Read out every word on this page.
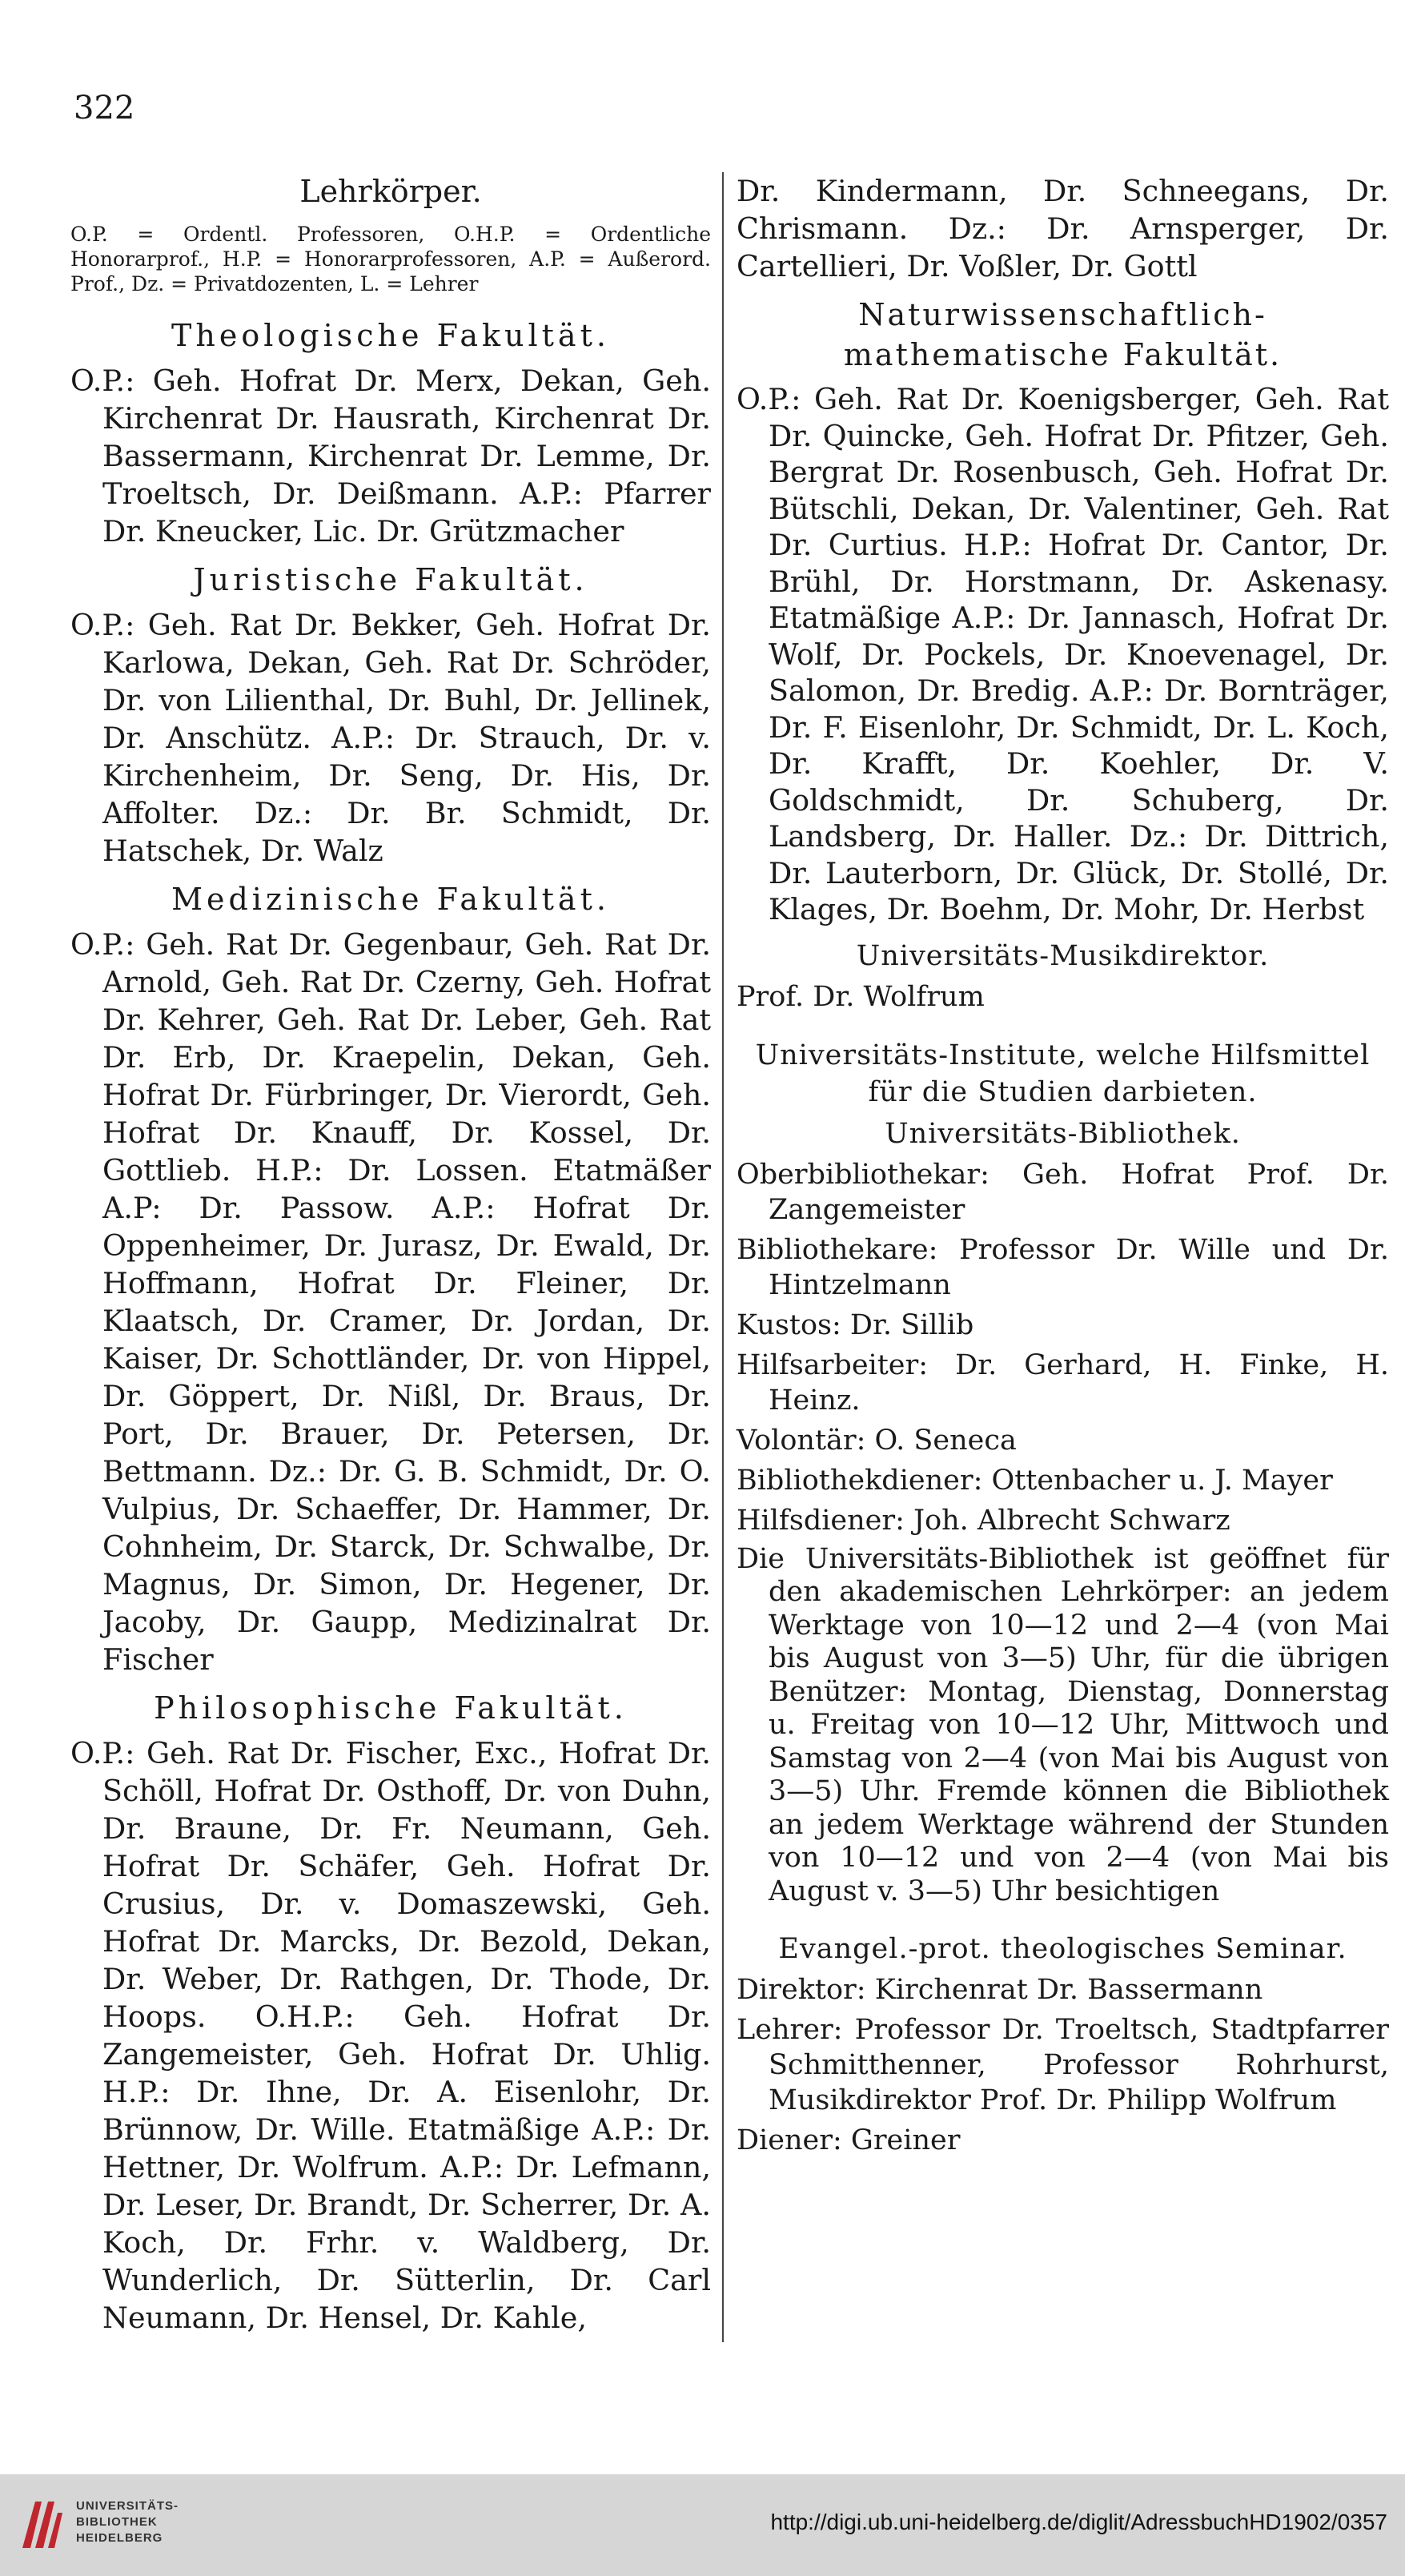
322
Lehrkörper.
O.P. = Ordentl. Professoren, O.H.P. = Ordentliche Honorarprof., H.P. = Honorarprofessoren, A.P. = Außerord. Prof., Dz. = Privatdozenten, L. = Lehrer
Theologische Fakultät.

O.P.: Geh. Hofrat Dr. Merx, Dekan, Geh. Kirchenrat Dr. Hausrath, Kirchenrat Dr. Bassermann, Kirchenrat Dr. Lemme, Dr. Troeltsch, Dr. Deißmann. A.P.: Pfarrer Dr. Kneucker, Lic. Dr. Grützmacher

Juristische Fakultät.

O.P.: Geh. Rat Dr. Bekker, Geh. Hofrat Dr. Karlowa, Dekan, Geh. Rat Dr. Schröder, Dr. von Lilienthal, Dr. Buhl, Dr. Jellinek, Dr. Anschütz. A.P.: Dr. Strauch, Dr. v. Kirchenheim, Dr. Seng, Dr. His, Dr. Affolter. Dz.: Dr. Br. Schmidt, Dr. Hatschek, Dr. Walz

Medizinische Fakultät.

O.P.: Geh. Rat Dr. Gegenbaur, Geh. Rat Dr. Arnold, Geh. Rat Dr. Czerny, Geh. Hofrat Dr. Kehrer, Geh. Rat Dr. Leber, Geh. Rat Dr. Erb, Dr. Kraepelin, Dekan, Geh. Hofrat Dr. Fürbringer, Dr. Vierordt, Geh. Hofrat Dr. Knauff, Dr. Kossel, Dr. Gottlieb. H.P.: Dr. Lossen. Etatmäßer A.P: Dr. Passow. A.P.: Hofrat Dr. Oppenheimer, Dr. Jurasz, Dr. Ewald, Dr. Hoffmann, Hofrat Dr. Fleiner, Dr. Klaatsch, Dr. Cramer, Dr. Jordan, Dr. Kaiser, Dr. Schottländer, Dr. von Hippel, Dr. Göppert, Dr. Nißl, Dr. Braus, Dr. Port, Dr. Brauer, Dr. Petersen, Dr. Bettmann. Dz.: Dr. G. B. Schmidt, Dr. O. Vulpius, Dr. Schaeffer, Dr. Hammer, Dr. Cohnheim, Dr. Starck, Dr. Schwalbe, Dr. Magnus, Dr. Simon, Dr. Hegener, Dr. Jacoby, Dr. Gaupp, Medizinalrat Dr. Fischer

Philosophische Fakultät.

O.P.: Geh. Rat Dr. Fischer, Exc., Hofrat Dr. Schöll, Hofrat Dr. Osthoff, Dr. von Duhn, Dr. Braune, Dr. Fr. Neumann, Geh. Hofrat Dr. Schäfer, Geh. Hofrat Dr. Crusius, Dr. v. Domaszewski, Geh. Hofrat Dr. Marcks, Dr. Bezold, Dekan, Dr. Weber, Dr. Rathgen, Dr. Thode, Dr. Hoops. O.H.P.: Geh. Hofrat Dr. Zangemeister, Geh. Hofrat Dr. Uhlig. H.P.: Dr. Ihne, Dr. A. Eisenlohr, Dr. Brünnow, Dr. Wille. Etatmäßige A.P.: Dr. Hettner, Dr. Wolfrum. A.P.: Dr. Lefmann, Dr. Leser, Dr. Brandt, Dr. Scherrer, Dr. A. Koch, Dr. Frhr. v. Waldberg, Dr. Wunderlich, Dr. Sütterlin, Dr. Carl Neumann, Dr. Hensel, Dr. Kahle,

Dr. Kindermann, Dr. Schneegans, Dr. Chrismann. Dz.: Dr. Arnsperger, Dr. Cartellieri, Dr. Voßler, Dr. Gottl

Naturwissenschaftlich-mathematische Fakultät.

O.P.: Geh. Rat Dr. Koenigsberger, Geh. Rat Dr. Quincke, Geh. Hofrat Dr. Pfitzer, Geh. Bergrat Dr. Rosenbusch, Geh. Hofrat Dr. Bütschli, Dekan, Dr. Valentiner, Geh. Rat Dr. Curtius. H.P.: Hofrat Dr. Cantor, Dr. Brühl, Dr. Horstmann, Dr. Askenasy. Etatmäßige A.P.: Dr. Jannasch, Hofrat Dr. Wolf, Dr. Pockels, Dr. Knoevenagel, Dr. Salomon, Dr. Bredig. A.P.: Dr. Bornträger, Dr. F. Eisenlohr, Dr. Schmidt, Dr. L. Koch, Dr. Krafft, Dr. Koehler, Dr. V. Goldschmidt, Dr. Schuberg, Dr. Landsberg, Dr. Haller. Dz.: Dr. Dittrich, Dr. Lauterborn, Dr. Glück, Dr. Stollé, Dr. Klages, Dr. Boehm, Dr. Mohr, Dr. Herbst

Universitäts-Musikdirektor.
Prof. Dr. Wolfrum
Universitäts-Institute, welche Hilfsmittel für die Studien darbieten.
Universitäts-Bibliothek.
Oberbibliothekar: Geh. Hofrat Prof. Dr. Zangemeister
Bibliothekare: Professor Dr. Wille und Dr. Hintzelmann
Kustos: Dr. Sillib
Hilfsarbeiter: Dr. Gerhard, H. Finke, H. Heinz.
Volontär: O. Seneca
Bibliothekdiener: Ottenbacher u. J. Mayer
Hilfsdiener: Joh. Albrecht Schwarz
Die Universitäts-Bibliothek ist geöffnet für den akademischen Lehrkörper: an jedem Werktage von 10—12 und 2—4 (von Mai bis August von 3—5) Uhr, für die übrigen Benützer: Montag, Dienstag, Donnerstag u. Freitag von 10—12 Uhr, Mittwoch und Samstag von 2—4 (von Mai bis August von 3—5) Uhr. Fremde können die Bibliothek an jedem Werktage während der Stunden von 10—12 und von 2—4 (von Mai bis August v. 3—5) Uhr besichtigen
Evangel.-prot. theologisches Seminar.
Direktor: Kirchenrat Dr. Bassermann
Lehrer: Professor Dr. Troeltsch, Stadtpfarrer Schmitthenner, Professor Rohrhurst, Musikdirektor Prof. Dr. Philipp Wolfrum
Diener: Greiner
UNIVERSITÄTS-
BIBLIOTHEK
HEIDELBERG
http://digi.ub.uni-heidelberg.de/diglit/AdressbuchHD1902/0357
